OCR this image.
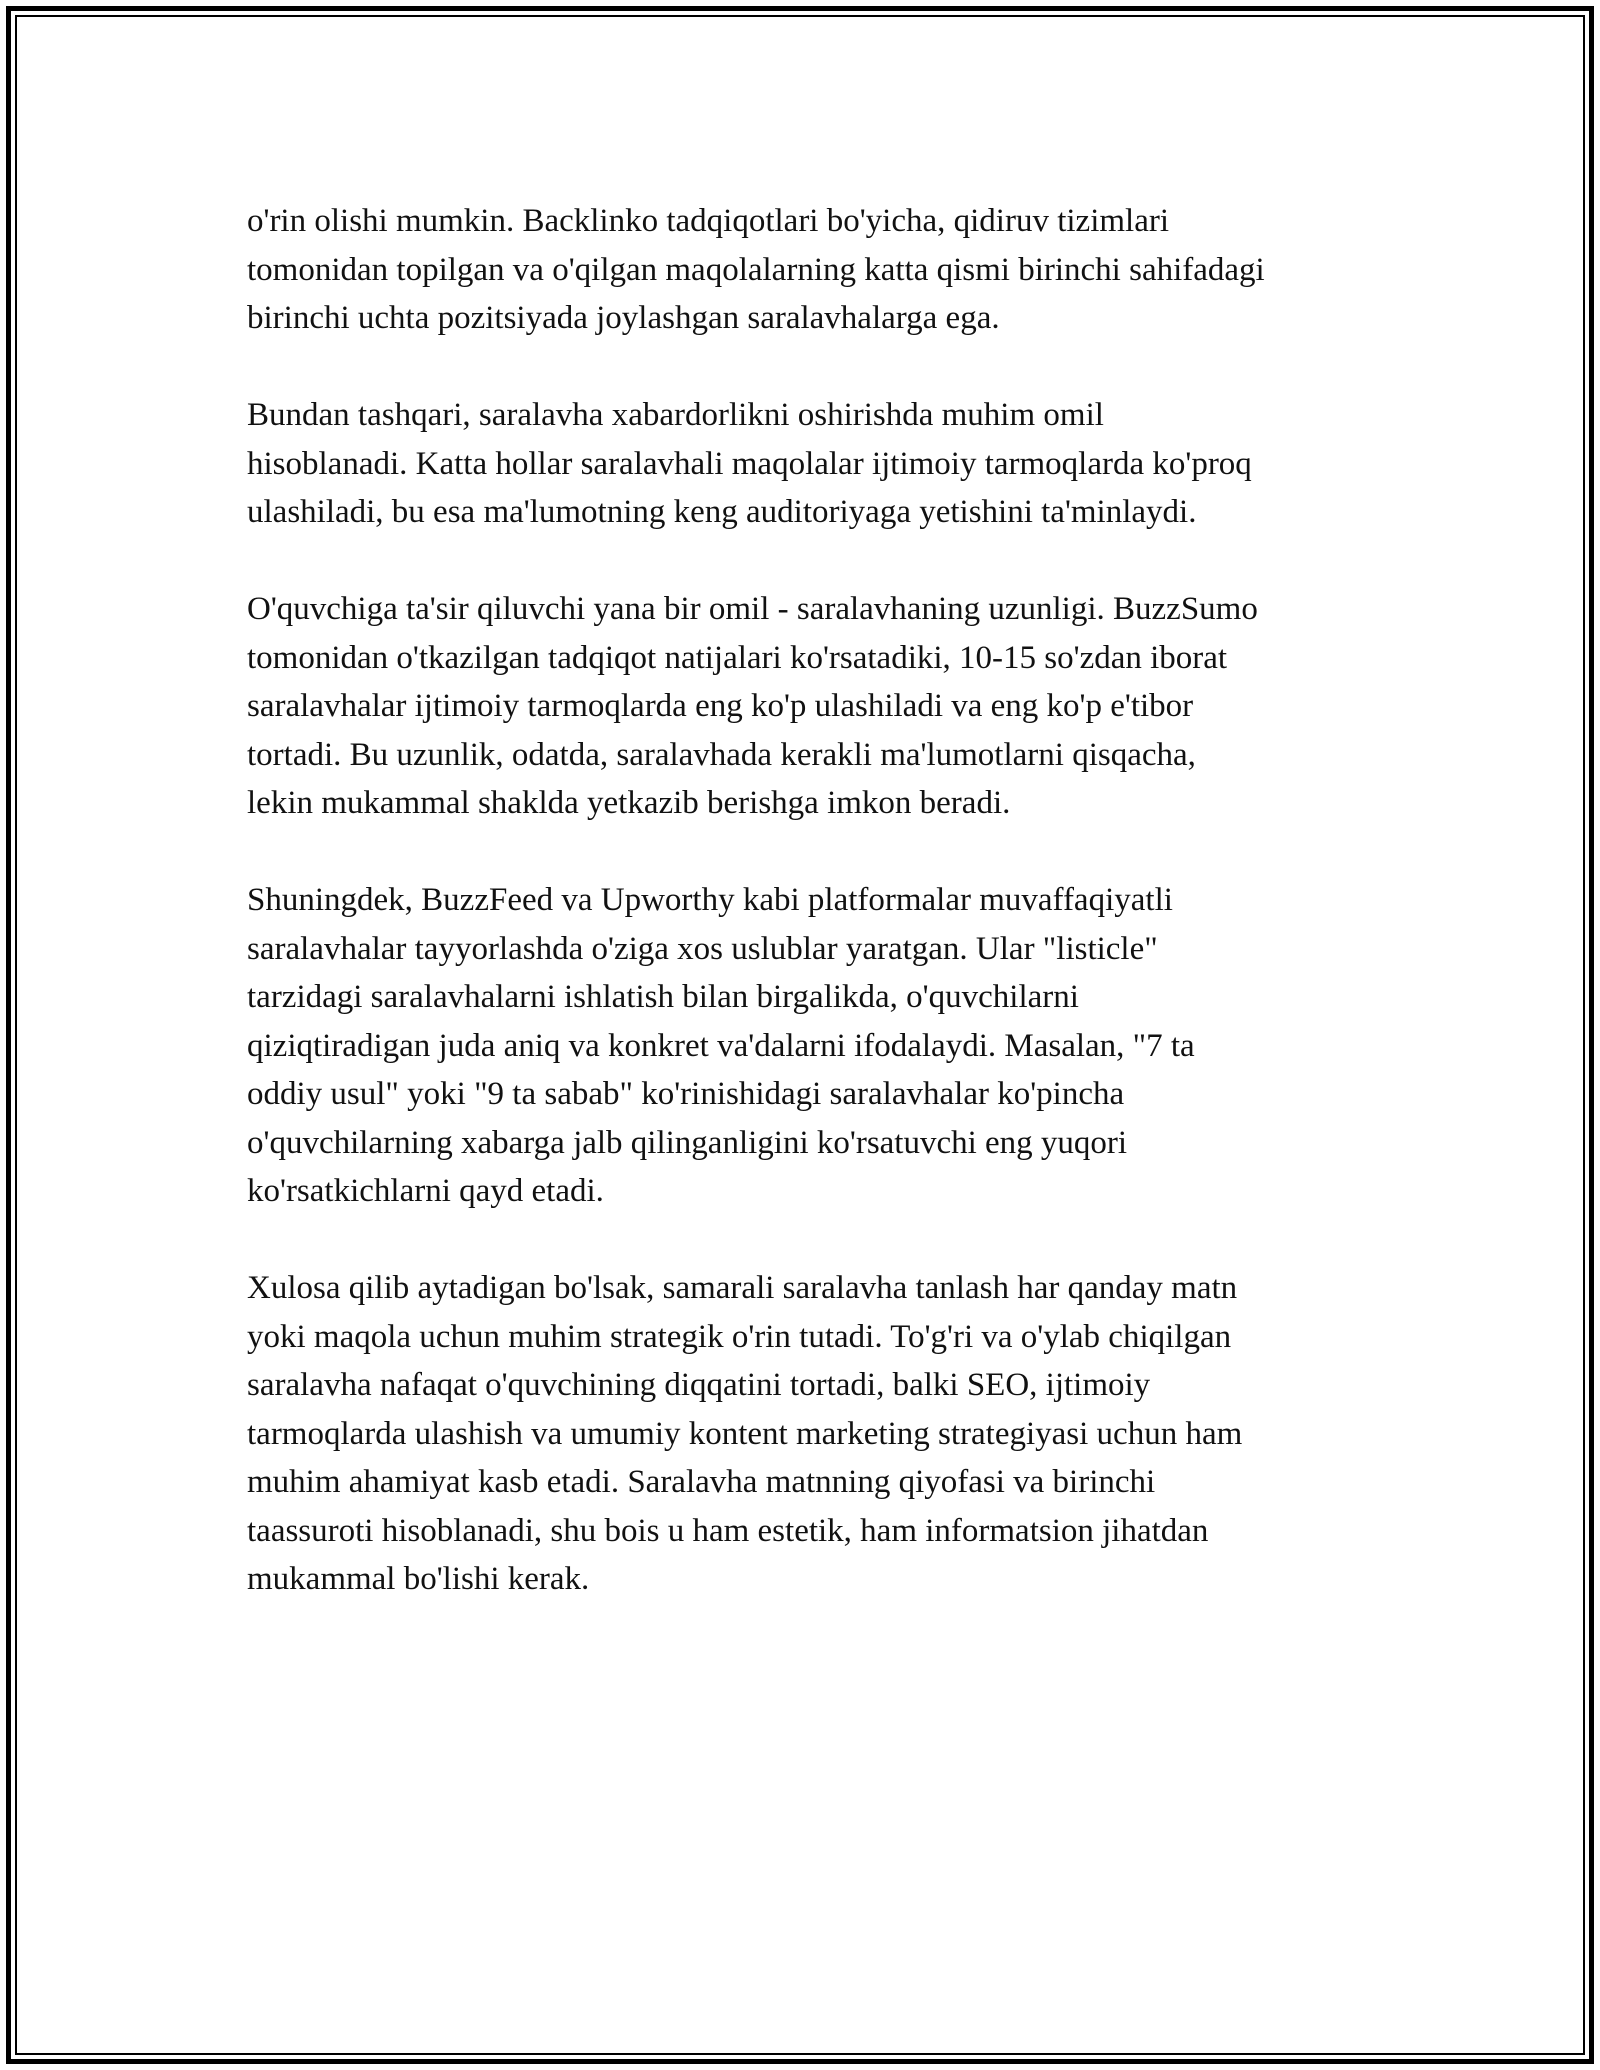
o'rin olishi mumkin. Backlinko tadqiqotlari bo'yicha, qidiruv tizimlari
tomonidan topilgan va o'qilgan maqolalarning katta qismi birinchi sahifadagi
birinchi uchta pozitsiyada joylashgan saralavhalarga ega.

Bundan tashqari, saralavha xabardorlikni oshirishda muhim omil
hisoblanadi. Katta hollar saralavhali maqolalar ijtimoiy tarmoqlarda ko'proq
ulashiladi, bu esa ma'lumotning keng auditoriyaga yetishini ta'minlaydi.

O'quvchiga ta'sir qiluvchi yana bir omil - saralavhaning uzunligi. BuzzSumo
tomonidan o'tkazilgan tadqiqot natijalari ko'rsatadiki, 10-15 so'zdan iborat
saralavhalar ijtimoiy tarmoqlarda eng ko'p ulashiladi va eng ko'p e'tibor
tortadi. Bu uzunlik, odatda, saralavhada kerakli ma'lumotlarni qisqacha,
lekin mukammal shaklda yetkazib berishga imkon beradi.

Shuningdek, BuzzFeed va Upworthy kabi platformalar muvaffaqiyatli
saralavhalar tayyorlashda o'ziga xos uslublar yaratgan. Ular "listicle"
tarzidagi saralavhalarni ishlatish bilan birgalikda, o'quvchilarni
qiziqtiradigan juda aniq va konkret va'dalarni ifodalaydi. Masalan, "7 ta
oddiy usul" yoki "9 ta sabab" ko'rinishidagi saralavhalar ko'pincha
o'quvchilarning xabarga jalb qilinganligini ko'rsatuvchi eng yuqori
ko'rsatkichlarni qayd etadi.

Xulosa qilib aytadigan bo'lsak, samarali saralavha tanlash har qanday matn
yoki maqola uchun muhim strategik o'rin tutadi. To'g'ri va o'ylab chiqilgan
saralavha nafaqat o'quvchining diqqatini tortadi, balki SEO, ijtimoiy
tarmoqlarda ulashish va umumiy kontent marketing strategiyasi uchun ham
muhim ahamiyat kasb etadi. Saralavha matnning qiyofasi va birinchi
taassuroti hisoblanadi, shu bois u ham estetik, ham informatsion jihatdan
mukammal bo'lishi kerak.
